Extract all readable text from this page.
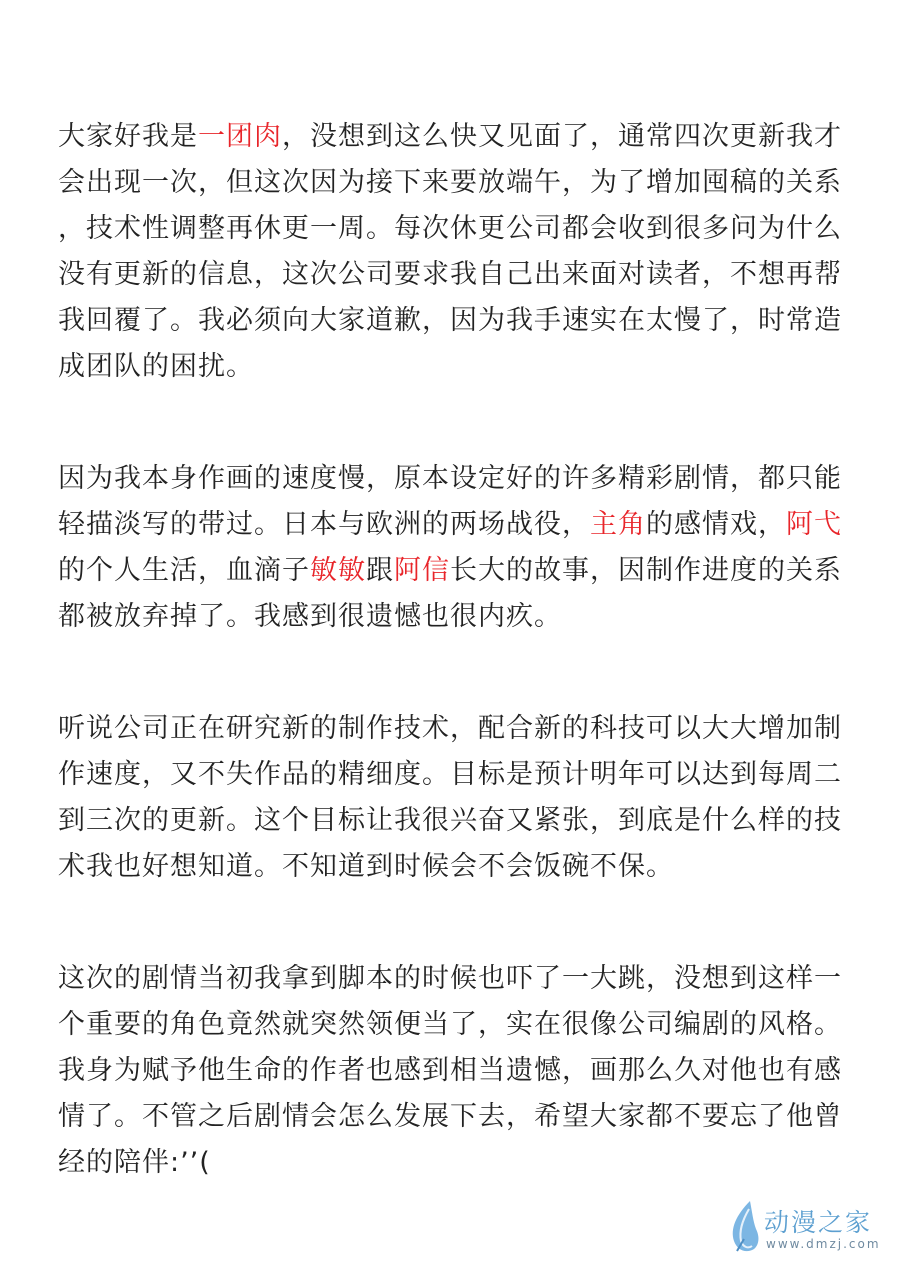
大家好我是一团肉，没想到这么快又见面了，通常四次更新我才
会出现一次，但这次因为接下来要放端午，为了增加囤稿的关系
，技术性调整再休更一周。每次休更公司都会收到很多问为什么
没有更新的信息，这次公司要求我自己出来面对读者，不想再帮
我回覆了。我必须向大家道歉，因为我手速实在太慢了，时常造
成团队的困扰。
因为我本身作画的速度慢，原本设定好的许多精彩剧情，都只能
轻描淡写的带过。日本与欧洲的两场战役，主角的感情戏，阿弋
的个人生活，血滴子敏敏跟阿信长大的故事，因制作进度的关系
都被放弃掉了。我感到很遗憾也很内疚。
听说公司正在研究新的制作技术，配合新的科技可以大大增加制
作速度，又不失作品的精细度。目标是预计明年可以达到每周二
到三次的更新。这个目标让我很兴奋又紧张，到底是什么样的技
术我也好想知道。不知道到时候会不会饭碗不保。
这次的剧情当初我拿到脚本的时候也吓了一大跳，没想到这样一
个重要的角色竟然就突然领便当了，实在很像公司编剧的风格。
我身为赋予他生命的作者也感到相当遗憾，画那么久对他也有感
情了。不管之后剧情会怎么发展下去，希望大家都不要忘了他曾
经的陪伴:’’(
动漫之家
www.dmzj.com
